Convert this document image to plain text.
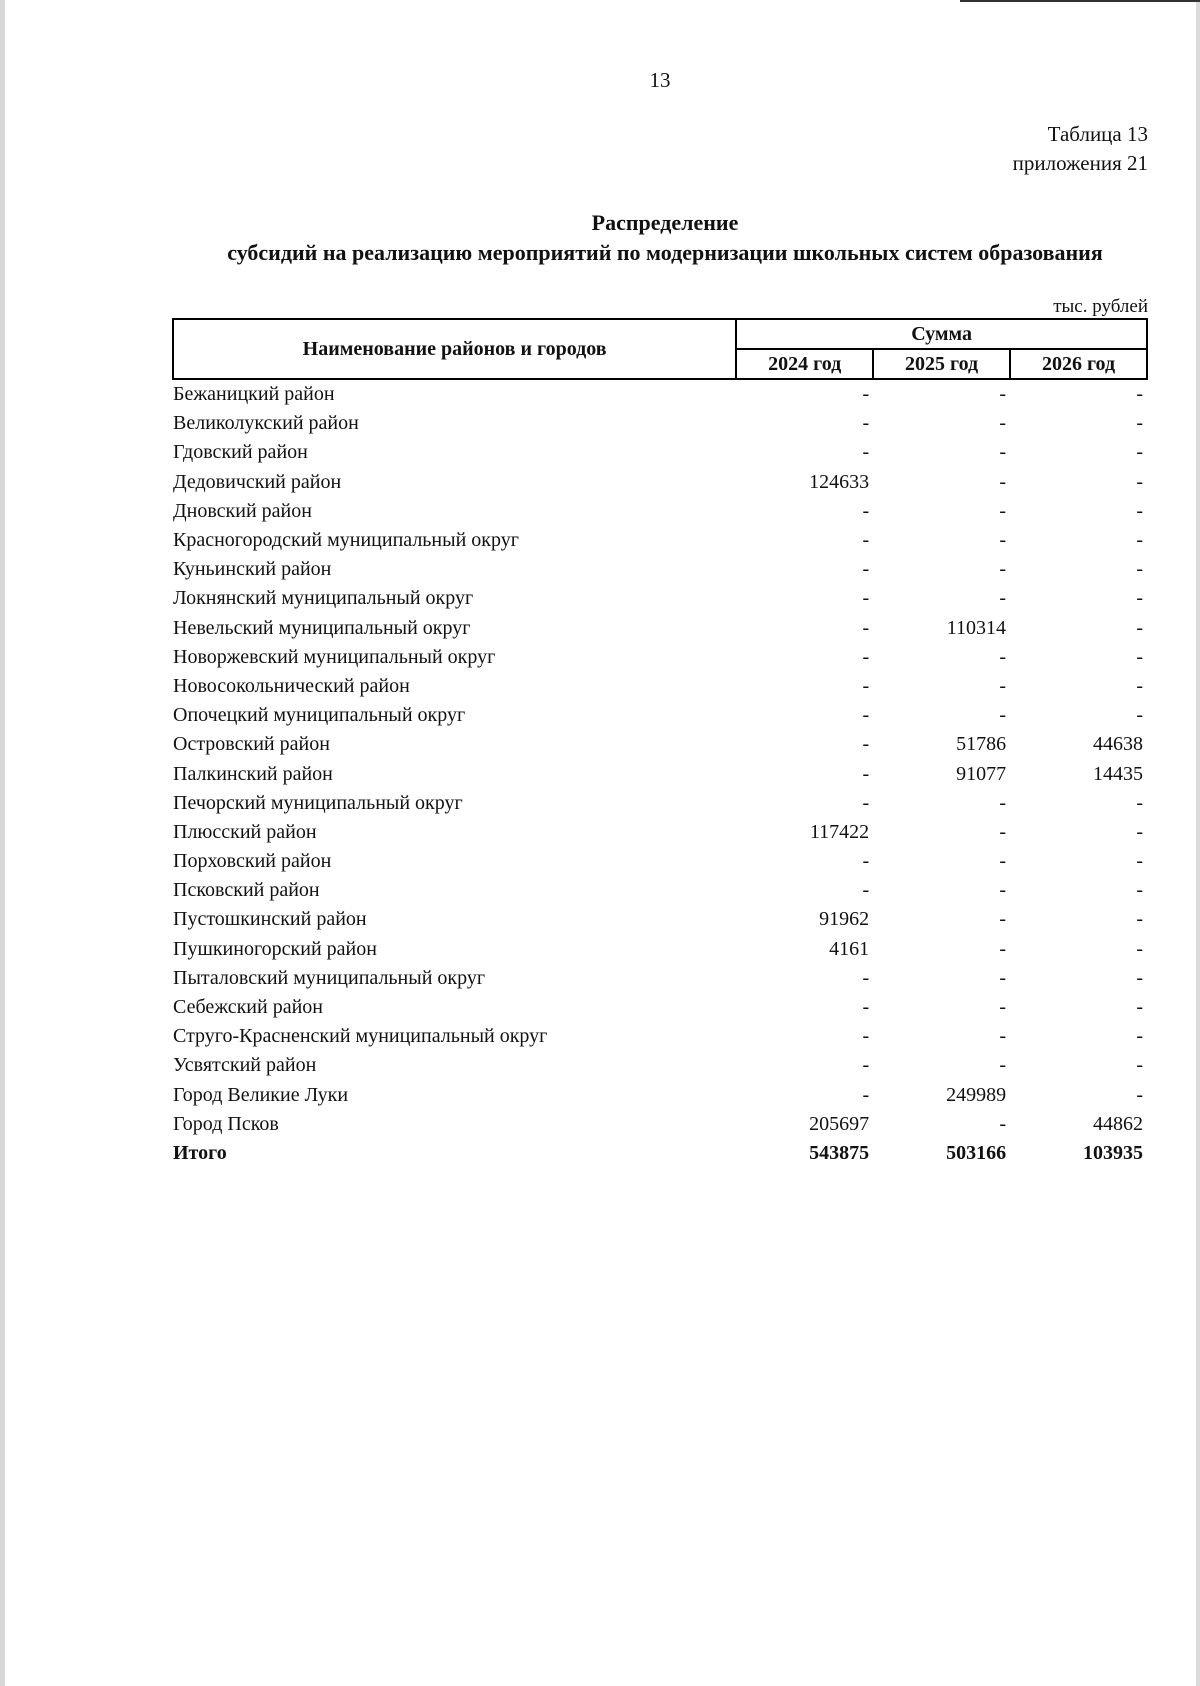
13
Таблица 13
приложения 21
Распределение
субсидий на реализацию мероприятий по модернизации школьных систем образования
тыс. рублей
Наименование районов и городов	Сумма		
	2024 год	2025 год	2026 год
Бежаницкий район	-	-	-
Великолукский район	-	-	-
Гдовский район	-	-	-
Дедовичский район	124633	-	-
Дновский район	-	-	-
Красногородский муниципальный округ	-	-	-
Куньинский район	-	-	-
Локнянский муниципальный округ	-	-	-
Невельский муниципальный округ	-	110314	-
Новоржевский муниципальный округ	-	-	-
Новосокольнический район	-	-	-
Опочецкий муниципальный округ	-	-	-
Островский район	-	51786	44638
Палкинский район	-	91077	14435
Печорский муниципальный округ	-	-	-
Плюсский район	117422	-	-
Порховский район	-	-	-
Псковский район	-	-	-
Пустошкинский район	91962	-	-
Пушкиногорский район	4161	-	-
Пыталовский муниципальный округ	-	-	-
Себежский район	-	-	-
Струго-Красненский муниципальный округ	-	-	-
Усвятский район	-	-	-
Город Великие Луки	-	249989	-
Город Псков	205697	-	44862
Итого	543875	503166	103935
